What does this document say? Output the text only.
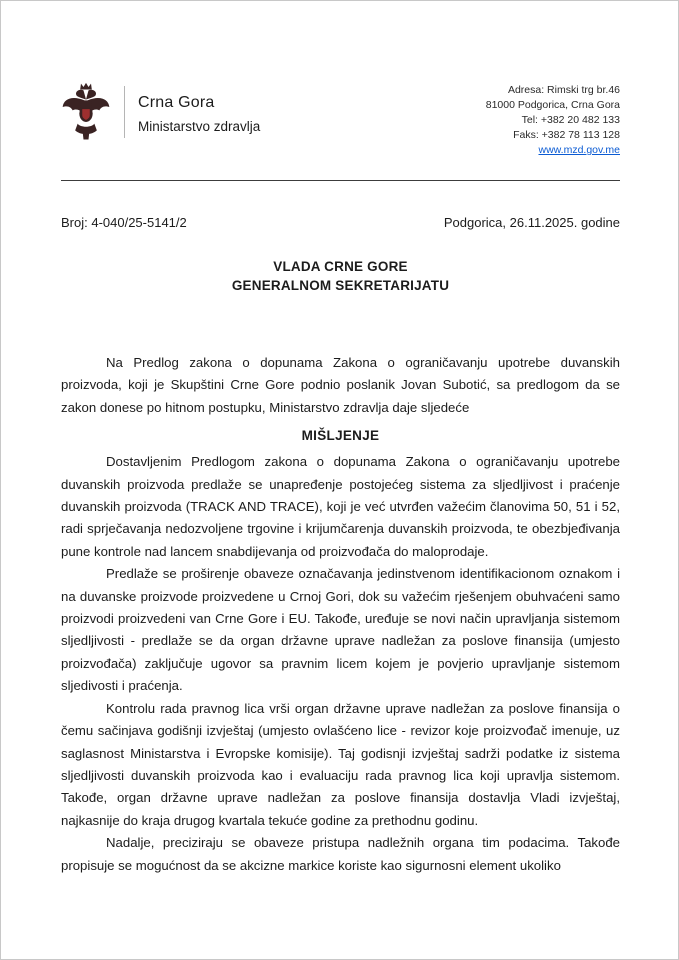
Crna Gora
Ministarstvo zdravlja
Adresa: Rimski trg br.46
81000 Podgorica, Crna Gora
Tel: +382 20 482 133
Faks: +382 78 113 128
www.mzd.gov.me
Broj: 4-040/25-5141/2	Podgorica, 26.11.2025. godine
VLADA CRNE GORE
GENERALNOM SEKRETARIJATU

Na Predlog zakona o dopunama Zakona o ograničavanju upotrebe duvanskih proizvoda, koji je Skupštini Crne Gore podnio poslanik Jovan Subotić, sa predlogom da se zakon donese po hitnom postupku, Ministarstvo zdravlja daje sljedeće

MIŠLJENJE

Dostavljenim Predlogom zakona o dopunama Zakona o ograničavanju upotrebe duvanskih proizvoda predlaže se unapređenje postojećeg sistema za sljedljivost i praćenje duvanskih proizvoda (TRACK AND TRACE), koji je već utvrđen važećim članovima 50, 51 i 52, radi sprječavanja nedozvoljene trgovine i krijumčarenja duvanskih proizvoda, te obezbjeđivanja pune kontrole nad lancem snabdijevanja od proizvođača do maloprodaje.

Predlaže se proširenje obaveze označavanja jedinstvenom identifikacionom oznakom i na duvanske proizvode proizvedene u Crnoj Gori, dok su važećim rješenjem obuhvaćeni samo proizvodi proizvedeni van Crne Gore i EU. Takođe, uređuje se novi način upravljanja sistemom sljedljivosti - predlaže se da organ državne uprave nadležan za poslove finansija (umjesto proizvođača) zaključuje ugovor sa pravnim licem kojem je povjerio upravljanje sistemom sljedivosti i praćenja.

Kontrolu rada pravnog lica vrši organ državne uprave nadležan za poslove finansija o čemu sačinjava godišnji izvještaj (umjesto ovlašćeno lice - revizor koje proizvođač imenuje, uz saglasnost Ministarstva i Evropske komisije). Taj godisnji izvještaj sadrži podatke iz sistema sljedljivosti duvanskih proizvoda kao i evaluaciju rada pravnog lica koji upravlja sistemom. Takođe, organ državne uprave nadležan za poslove finansija dostavlja Vladi izvještaj, najkasnije do kraja drugog kvartala tekuće godine za prethodnu godinu.

Nadalje, preciziraju se obaveze pristupa nadležnih organa tim podacima. Takođe propisuje se mogućnost da se akcizne markice koriste kao sigurnosni element ukoliko
